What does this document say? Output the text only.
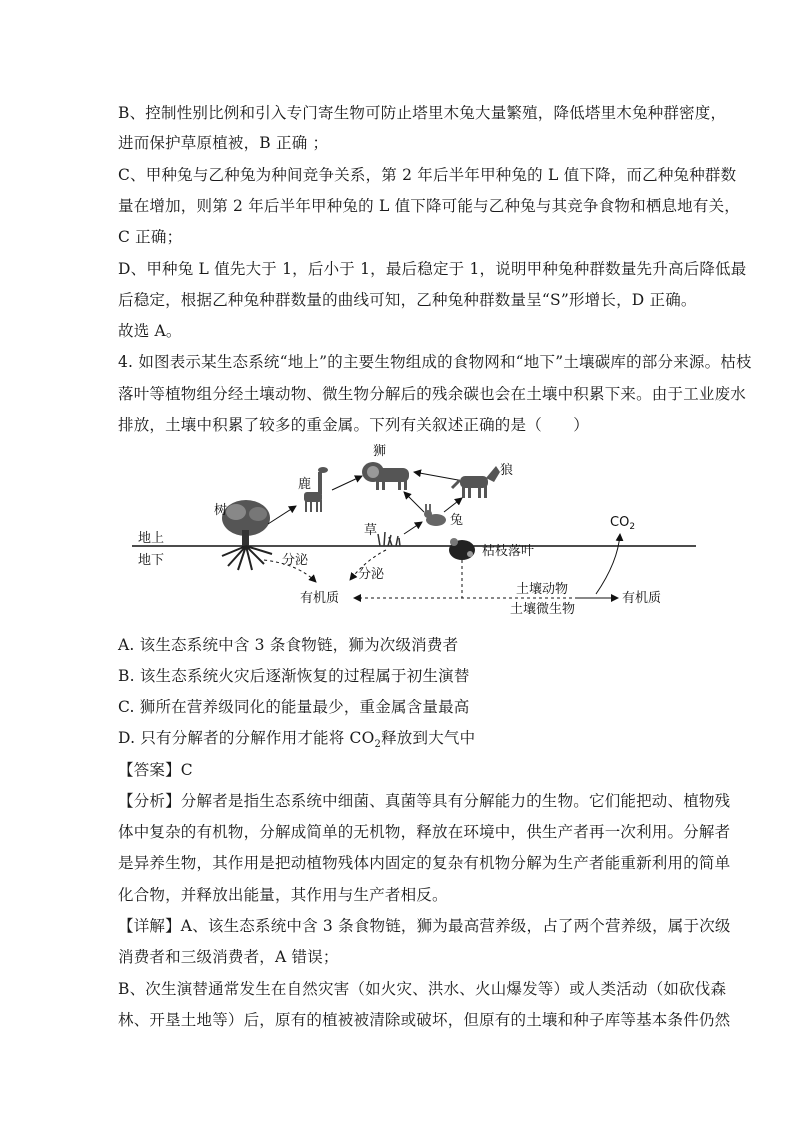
B、控制性别比例和引入专门寄生物可防止塔里木兔大量繁殖，降低塔里木兔种群密度，
进而保护草原植被，B 正确 ；
C、甲种兔与乙种兔为种间竞争关系，第 2 年后半年甲种兔的 L 值下降，而乙种兔种群数
量在增加，则第 2 年后半年甲种兔的 L 值下降可能与乙种兔与其竞争食物和栖息地有关，
C 正确；
D、甲种兔 L 值先大于 1，后小于 1，最后稳定于 1，说明甲种兔种群数量先升高后降低最
后稳定，根据乙种兔种群数量的曲线可知，乙种兔种群数量呈“S”形增长，D 正确。
故选 A。
4. 如图表示某生态系统“地上”的主要生物组成的食物网和“地下”土壤碳库的部分来源。枯枝
落叶等植物组分经土壤动物、微生物分解后的残余碳也会在土壤中积累下来。由于工业废水
排放，土壤中积累了较多的重金属。下列有关叙述正确的是（　　）
地上
地下
树
鹿
狮
狼
兔
草
枯枝落叶
分泌
分泌
有机质
土壤动物
土壤微生物
有机质
$CO_2$
A. 该生态系统中含 3 条食物链，狮为次级消费者
B. 该生态系统火灾后逐渐恢复的过程属于初生演替
C. 狮所在营养级同化的能量最少，重金属含量最高
D. 只有分解者的分解作用才能将 $CO_2$释放到大气中
【答案】C
【分析】分解者是指生态系统中细菌、真菌等具有分解能力的生物。它们能把动、植物残
体中复杂的有机物，分解成简单的无机物，释放在环境中，供生产者再一次利用。分解者
是异养生物，其作用是把动植物残体内固定的复杂有机物分解为生产者能重新利用的简单
化合物，并释放出能量，其作用与生产者相反。
【详解】A、该生态系统中含 3 条食物链，狮为最高营养级，占了两个营养级，属于次级
消费者和三级消费者，A 错误；
B、次生演替通常发生在自然灾害（如火灾、洪水、火山爆发等）或人类活动（如砍伐森
林、开垦土地等）后，原有的植被被清除或破坏，但原有的土壤和种子库等基本条件仍然
